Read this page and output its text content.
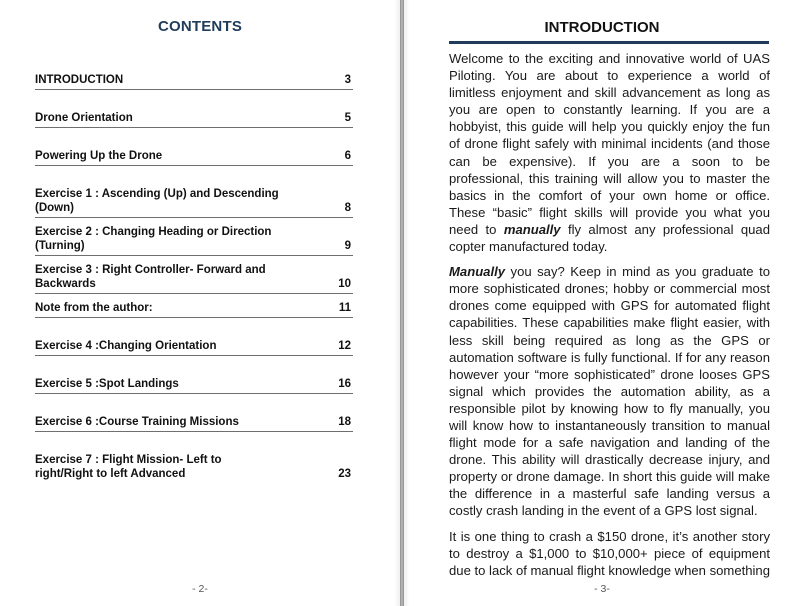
CONTENTS
INTRODUCTION	3
Drone Orientation	5
Powering Up the Drone	6
Exercise 1 : Ascending (Up) and Descending (Down)	8
Exercise 2 : Changing Heading or Direction (Turning)	9
Exercise 3 : Right Controller- Forward and Backwards	10
Note from the author:	11
Exercise 4 :Changing Orientation	12
Exercise 5 :Spot Landings	16
Exercise 6 :Course Training Missions	18
Exercise 7 : Flight Mission- Left to
right/Right to left Advanced	23
- 2-
INTRODUCTION

Welcome to the exciting and innovative world of UAS Piloting. You are about to experience a world of limitless enjoyment and skill advancement as long as you are open to constantly learning. If you are a hobbyist, this guide will help you quickly enjoy the fun of drone flight safely with minimal incidents (and those can be expensive). If you are a soon to be professional, this training will allow you to master the basics in the comfort of your own home or office. These “basic” flight skills will provide you what you need to manually fly almost any professional quad copter manufactured today.

Manually you say? Keep in mind as you graduate to more sophisticated drones; hobby or commercial most drones come equipped with GPS for automated flight capabilities. These capabilities make flight easier, with less skill being required as long as the GPS or automation software is fully functional. If for any reason however your “more sophisticated” drone looses GPS signal which provides the automation ability, as a responsible pilot by knowing how to fly manually, you will know how to instantaneously transition to manual flight mode for a safe navigation and landing of the drone. This ability will drastically decrease injury, and property or drone damage. In short this guide will make the difference in a masterful safe landing versus a costly crash landing in the event of a GPS lost signal.

It is one thing to crash a $150 drone, it’s another story to destroy a $1,000 to $10,000+ piece of equipment due to lack of manual flight knowledge when something

- 3-
